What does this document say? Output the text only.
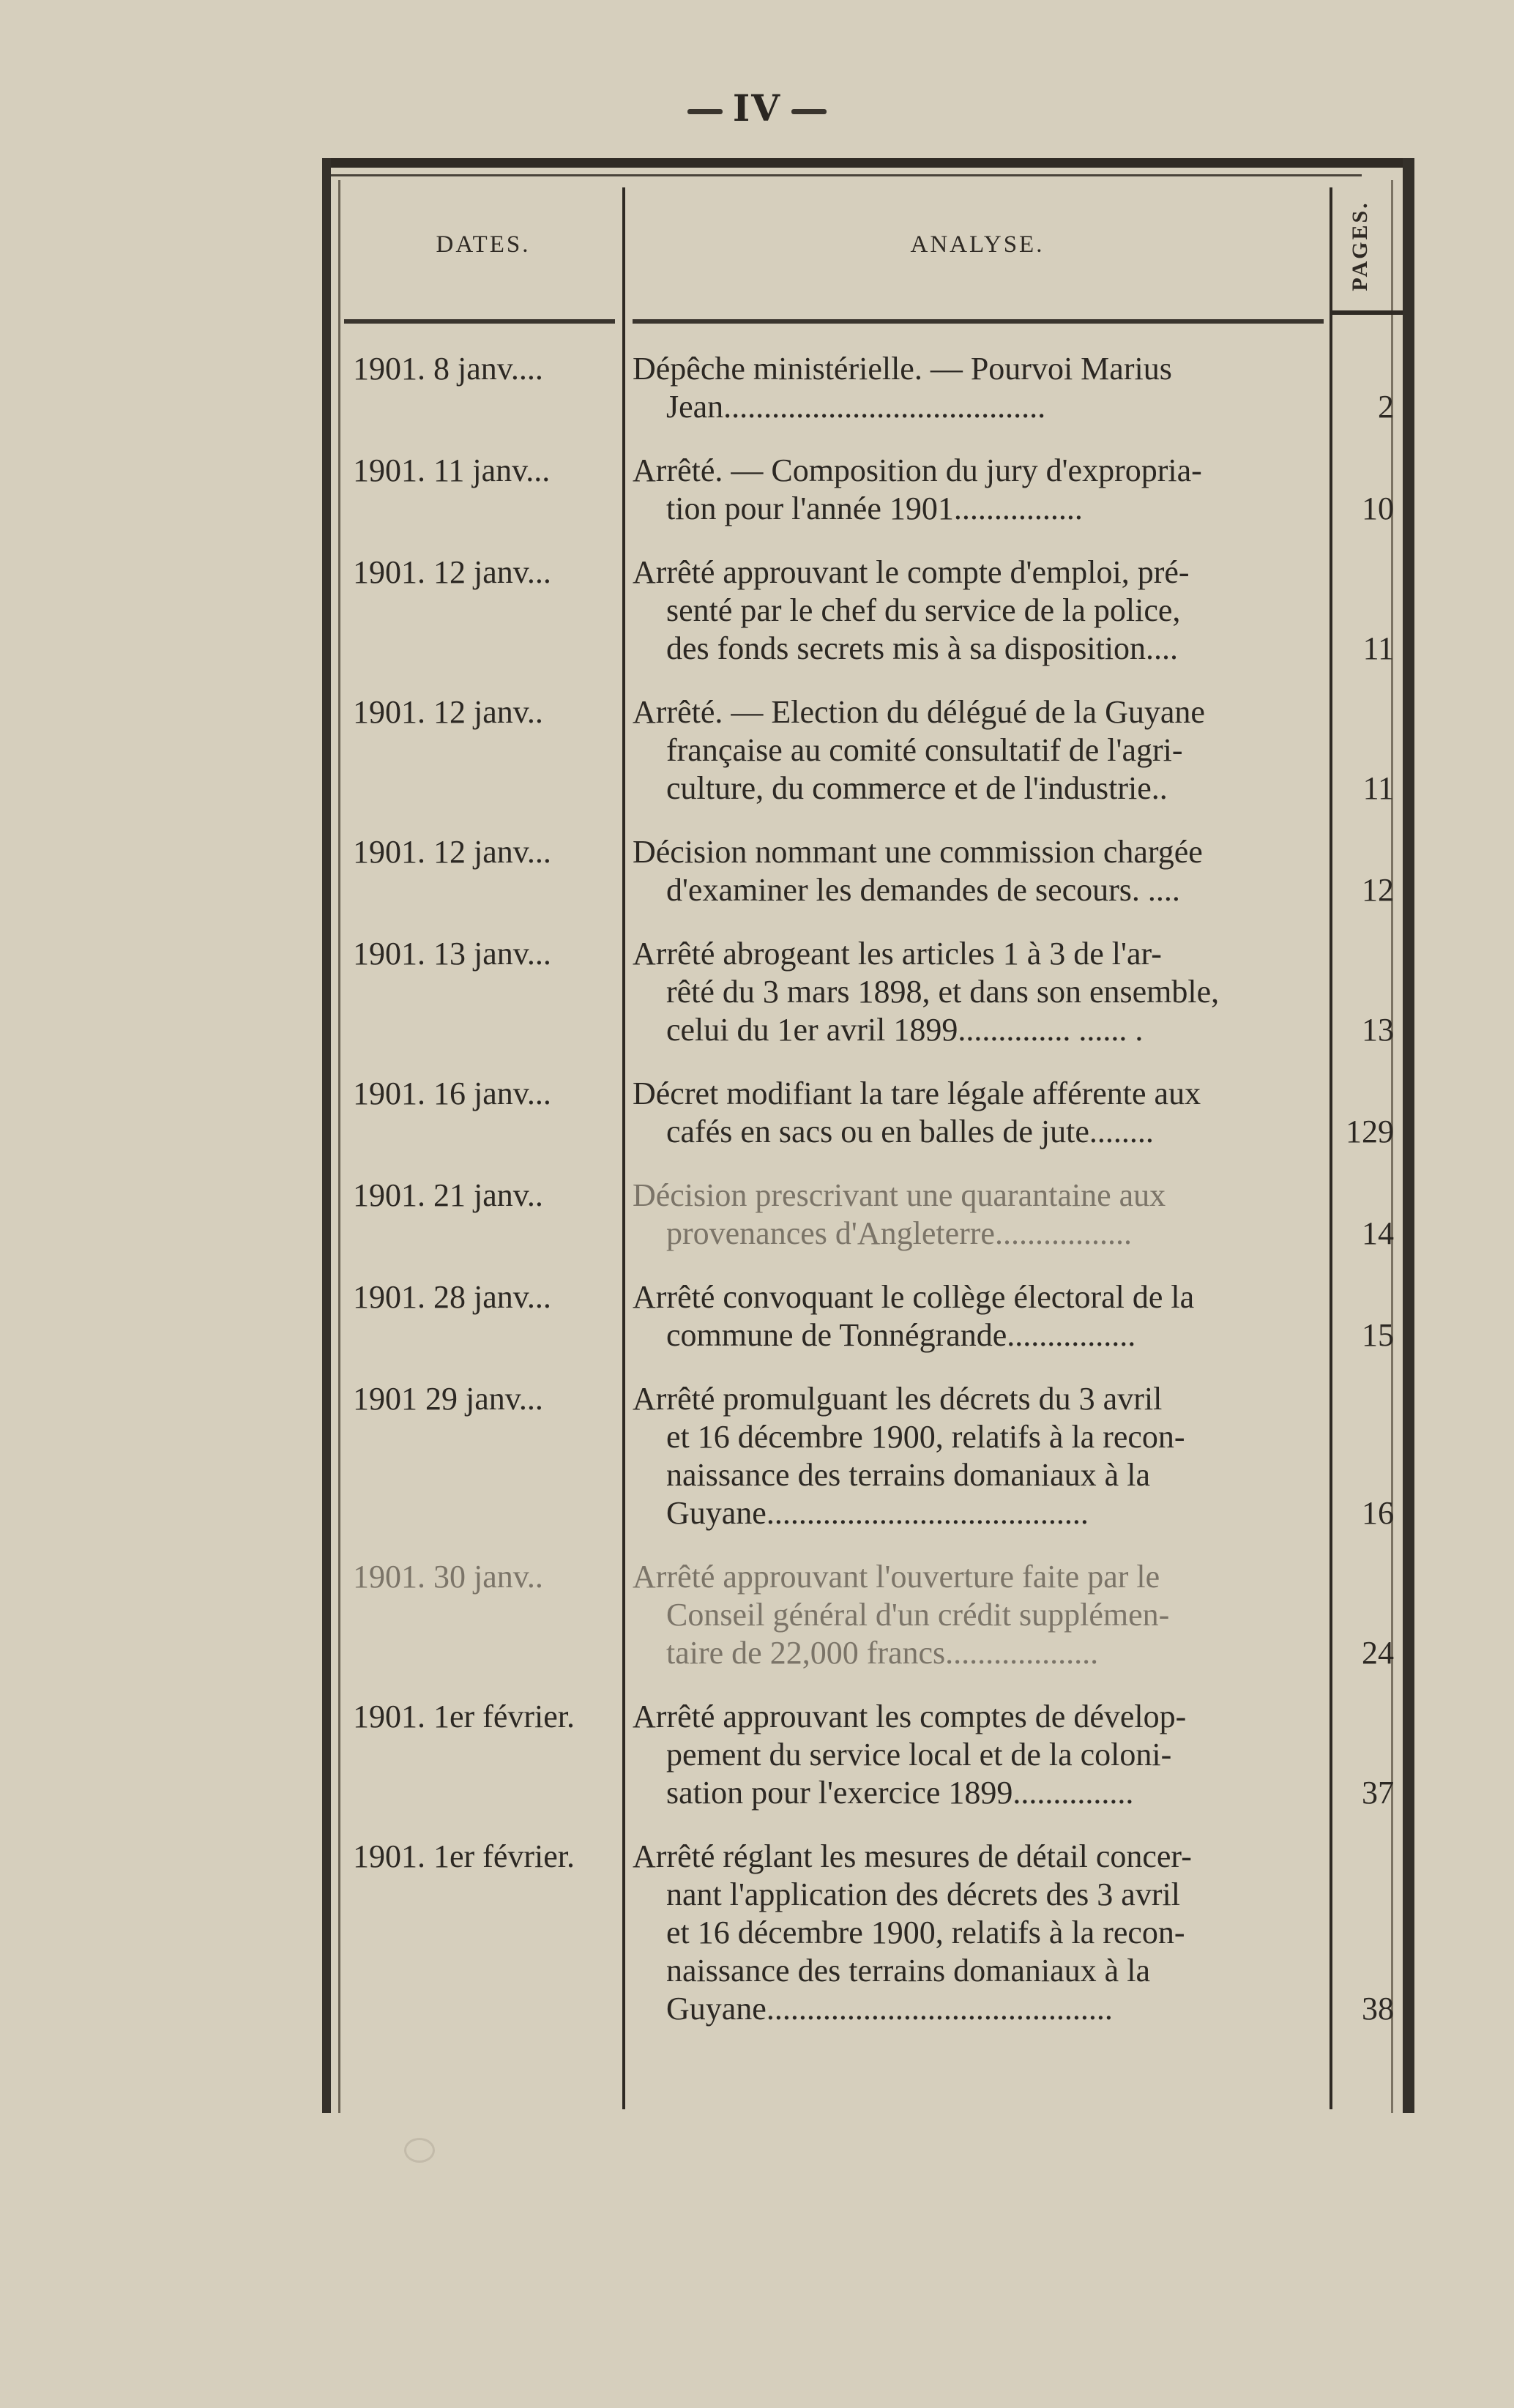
IV
DATES.	ANALYSE.	PAGES.
1901. 8 janv....	Dépêche ministérielle. — Pourvoi Marius
Jean........................................	2
1901. 11 janv...	Arrêté. — Composition du jury d'expropria-
tion pour l'année 1901................	10
1901. 12 janv...	Arrêté approuvant le compte d'emploi, pré-
senté par le chef du service de la police,
des fonds secrets mis à sa disposition....	11
1901. 12 janv..	Arrêté. — Election du délégué de la Guyane
française au comité consultatif de l'agri-
culture, du commerce et de l'industrie..	11
1901. 12 janv...	Décision nommant une commission chargée
d'examiner les demandes de secours. ....	12
1901. 13 janv...	Arrêté abrogeant les articles 1 à 3 de l'ar-
rêté du 3 mars 1898, et dans son ensemble,
celui du 1er avril 1899.............. ...... .	13
1901. 16 janv...	Décret modifiant la tare légale afférente aux
cafés en sacs ou en balles de jute........	129
1901. 21 janv..	Décision prescrivant une quarantaine aux
provenances d'Angleterre.................	14
1901. 28 janv...	Arrêté convoquant le collège électoral de la
commune de Tonnégrande................	15
1901 29 janv...	Arrêté promulguant les décrets du 3 avril
et 16 décembre 1900, relatifs à la recon-
naissance des terrains domaniaux à la
Guyane........................................	16
1901. 30 janv..	Arrêté approuvant l'ouverture faite par le
Conseil général d'un crédit supplémen-
taire de 22,000 francs...................	24
1901. 1er février.	Arrêté approuvant les comptes de dévelop-
pement du service local et de la coloni-
sation pour l'exercice 1899...............	37
1901. 1er février.	Arrêté réglant les mesures de détail concer-
nant l'application des décrets des 3 avril
et 16 décembre 1900, relatifs à la recon-
naissance des terrains domaniaux à la
Guyane...........................................	38
